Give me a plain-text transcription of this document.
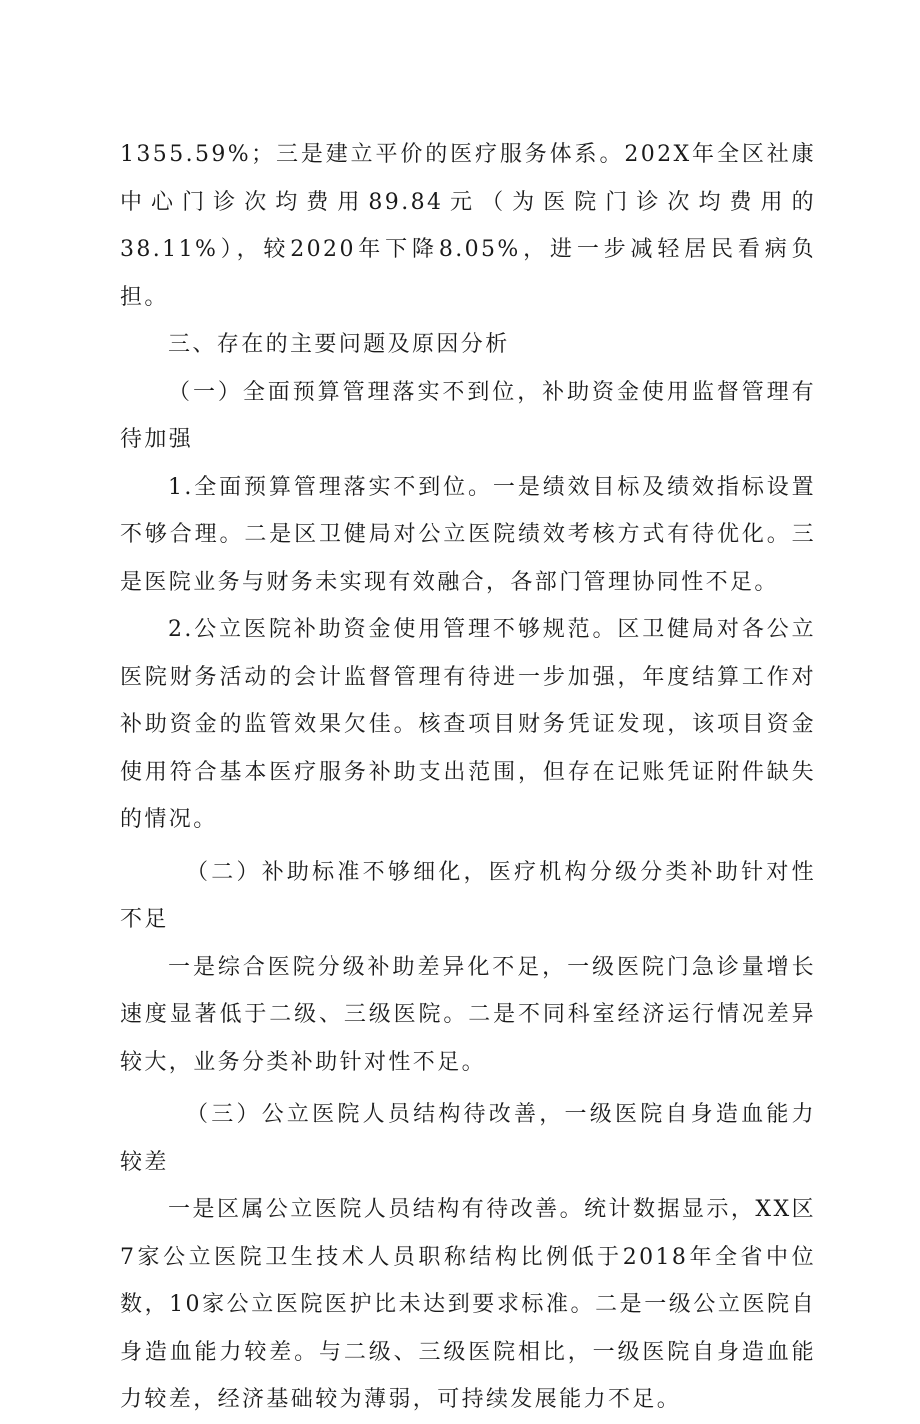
1355.59%；三是建立平价的医疗服务体系。202X年全区社康中心门诊次均费用89.84元（为医院门诊次均费用的38.11%），较2020年下降8.05%，进一步减轻居民看病负担。

三、存在的主要问题及原因分析

（一）全面预算管理落实不到位，补助资金使用监督管理有待加强

1.全面预算管理落实不到位。一是绩效目标及绩效指标设置不够合理。二是区卫健局对公立医院绩效考核方式有待优化。三是医院业务与财务未实现有效融合，各部门管理协同性不足。

2.公立医院补助资金使用管理不够规范。区卫健局对各公立医院财务活动的会计监督管理有待进一步加强，年度结算工作对补助资金的监管效果欠佳。核查项目财务凭证发现，该项目资金使用符合基本医疗服务补助支出范围，但存在记账凭证附件缺失的情况。

（二）补助标准不够细化，医疗机构分级分类补助针对性不足

一是综合医院分级补助差异化不足，一级医院门急诊量增长速度显著低于二级、三级医院。二是不同科室经济运行情况差异较大，业务分类补助针对性不足。

（三）公立医院人员结构待改善，一级医院自身造血能力较差

一是区属公立医院人员结构有待改善。统计数据显示，XX区7家公立医院卫生技术人员职称结构比例低于2018年全省中位数，10家公立医院医护比未达到要求标准。二是一级公立医院自身造血能力较差。与二级、三级医院相比，一级医院自身造血能力较差，经济基础较为薄弱，可持续发展能力不足。
